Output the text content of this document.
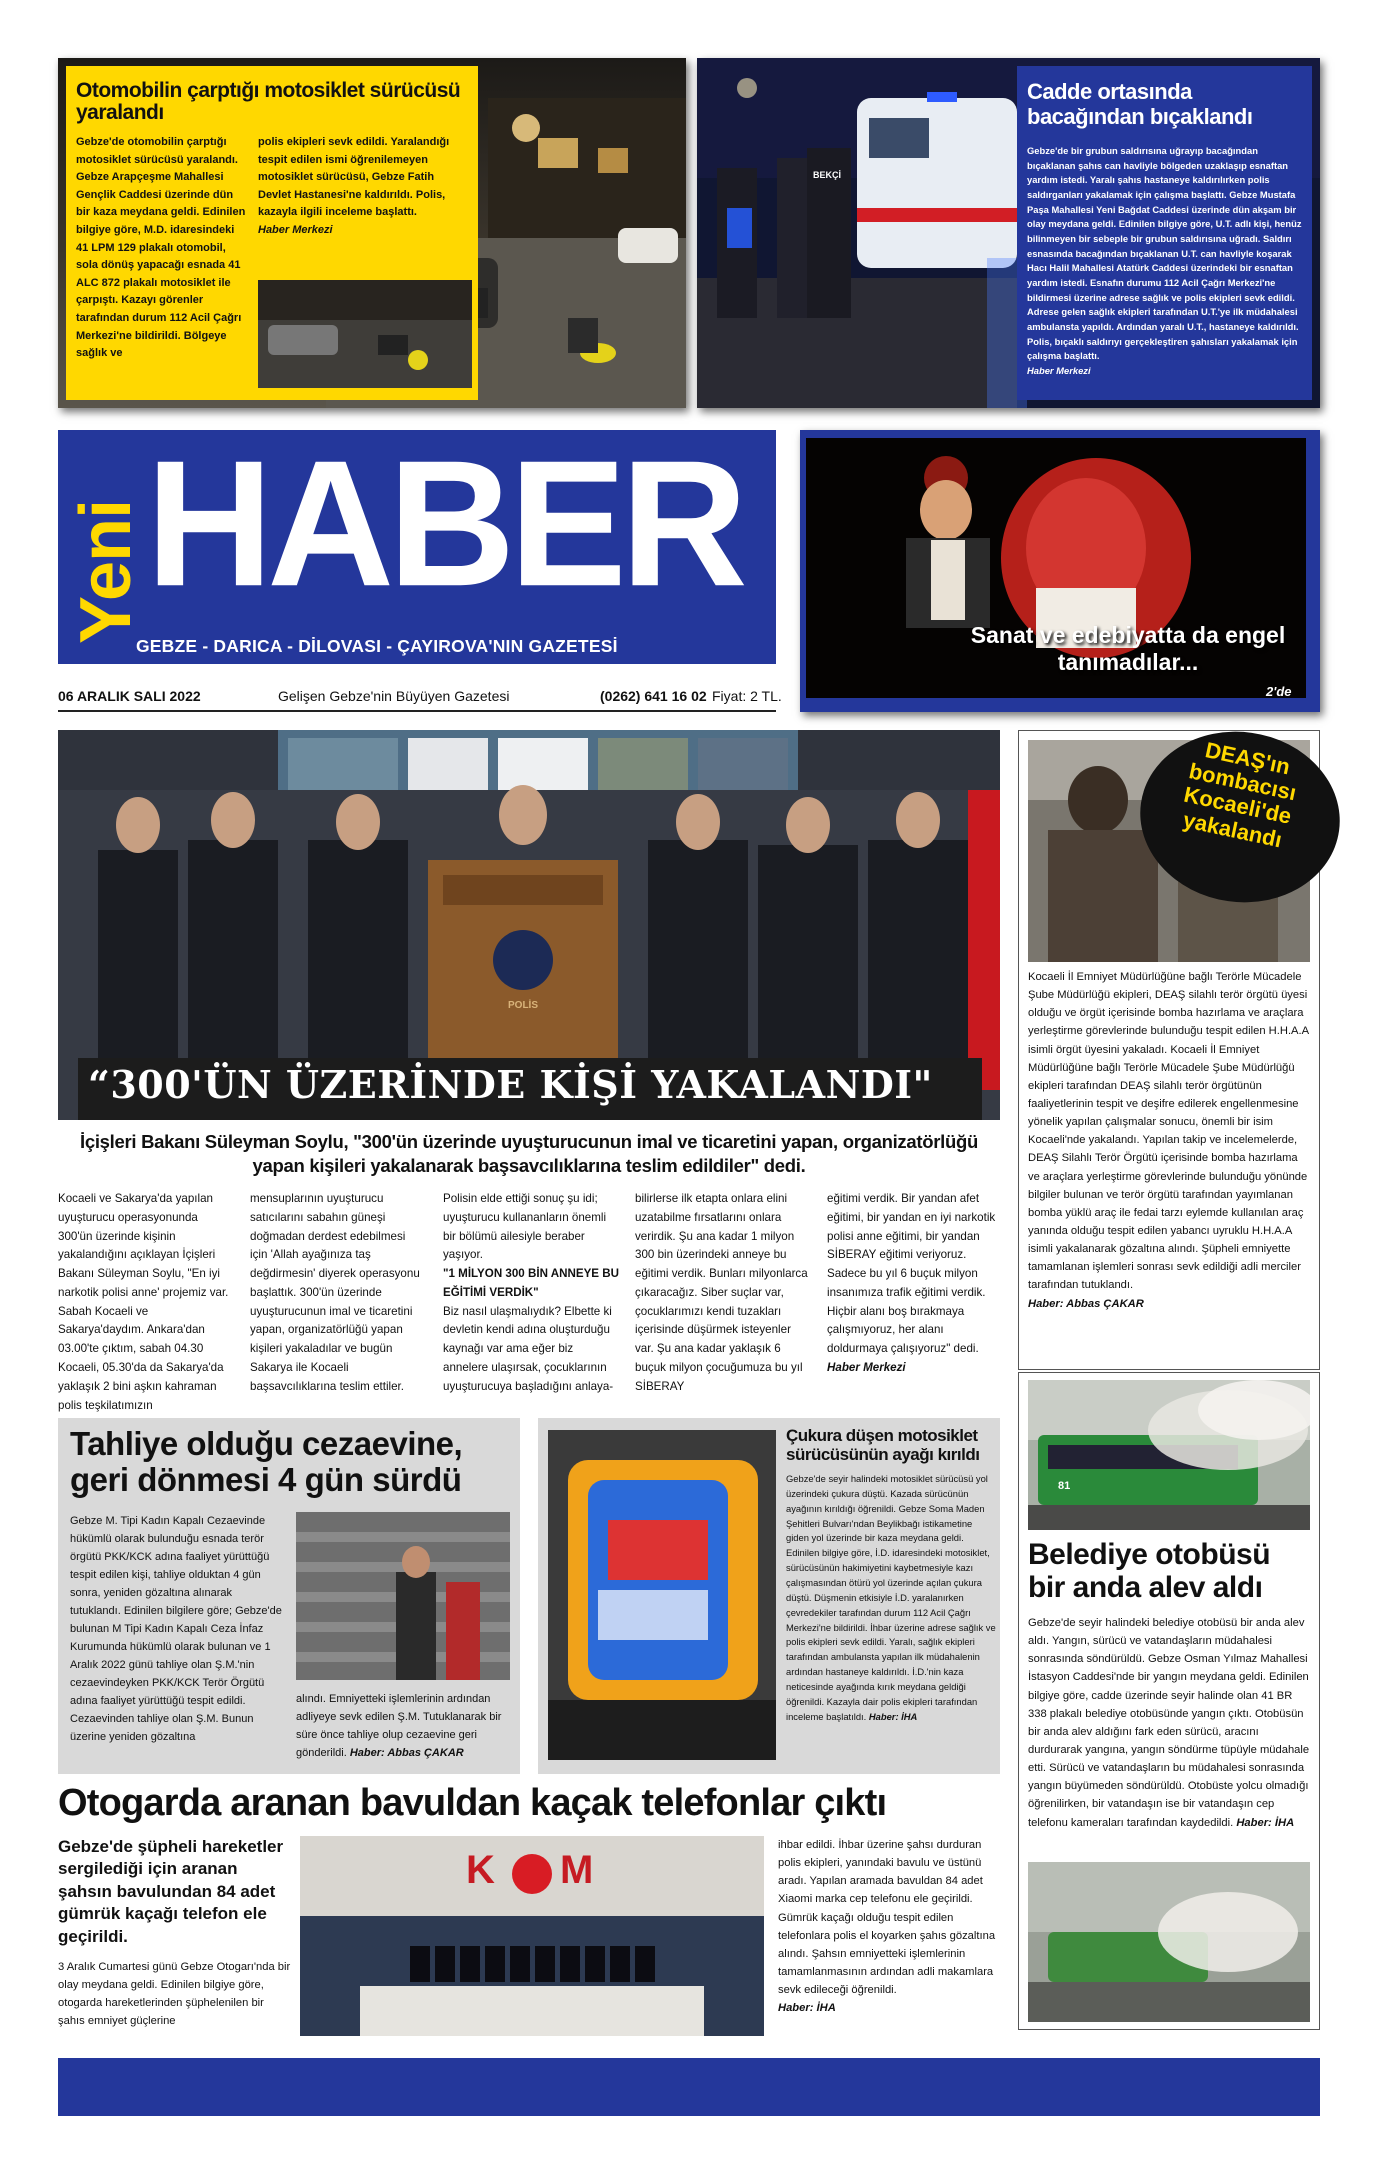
Otomobilin çarptığı motosiklet sürücüsü yaralandı
Gebze'de otomobilin çarptığı motosiklet sürücüsü yaralandı. Gebze Arapçeşme Mahallesi Gençlik Caddesi üzerinde dün bir kaza meydana geldi. Edinilen bilgiye göre, M.D. idaresindeki 41 LPM 129 plakalı otomobil, sola dönüş yapacağı esnada 41 ALC 872 plakalı motosiklet ile çarpıştı. Kazayı görenler tarafından durum 112 Acil Çağrı Merkezi'ne bildirildi. Bölgeye sağlık ve
polis ekipleri sevk edildi. Yaralandığı tespit edilen ismi öğrenilemeyen motosiklet sürücüsü, Gebze Fatih Devlet Hastanesi'ne kaldırıldı. Polis, kazayla ilgili inceleme başlattı.
Haber Merkezi
BEKÇİ
Cadde ortasında bacağından bıçaklandı
Gebze'de bir grubun saldırısına uğrayıp bacağından bıçaklanan şahıs can havliyle bölgeden uzaklaşıp esnaftan yardım istedi. Yaralı şahıs hastaneye kaldırılırken polis saldırganları yakalamak için çalışma başlattı. Gebze Mustafa Paşa Mahallesi Yeni Bağdat Caddesi üzerinde dün akşam bir olay meydana geldi. Edinilen bilgiye göre, U.T. adlı kişi, henüz bilinmeyen bir sebeple bir grubun saldırısına uğradı. Saldırı esnasında bacağından bıçaklanan U.T. can havliyle koşarak Hacı Halil Mahallesi Atatürk Caddesi üzerindeki bir esnaftan yardım istedi. Esnafın durumu 112 Acil Çağrı Merkezi'ne bildirmesi üzerine adrese sağlık ve polis ekipleri sevk edildi. Adrese gelen sağlık ekipleri tarafından U.T.'ye ilk müdahalesi ambulansta yapıldı. Ardından yaralı U.T., hastaneye kaldırıldı. Polis, bıçaklı saldırıyı gerçekleştiren şahısları yakalamak için çalışma başlattı.
Haber Merkezi
Yeni HABER
GEBZE - DARICA - DİLOVASI - ÇAYIROVA'NIN GAZETESİ
06 ARALIK SALI 2022	Gelişen Gebze'nin Büyüyen Gazetesi	(0262) 641 16 02 Fiyat: 2 TL.
Sanat ve edebiyatta da engel tanımadılar...
2'de
POLİS
“300'ÜN ÜZERİNDE KİŞİ YAKALANDI"
İçişleri Bakanı Süleyman Soylu, "300'ün üzerinde uyuşturucunun imal ve ticaretini yapan, organizatörlüğü yapan kişileri yakalanarak başsavcılıklarına teslim edildiler" dedi.
Kocaeli ve Sakarya'da yapılan uyuşturucu operasyonunda 300'ün üzerinde kişinin yakalandığını açıklayan İçişleri Bakanı Süleyman Soylu, "En iyi narkotik polisi anne' projemiz var. Sabah Kocaeli ve Sakarya'daydım. Ankara'dan 03.00'te çıktım, sabah 04.30 Kocaeli, 05.30'da da Sakarya'da yaklaşık 2 bini aşkın kahraman polis teşkilatımızın
mensuplarının uyuşturucu satıcılarını sabahın güneşi doğmadan derdest edebilmesi için 'Allah ayağınıza taş değdirmesin' diyerek operasyonu başlattık. 300'ün üzerinde uyuşturucunun imal ve ticaretini yapan, organizatörlüğü yapan kişileri yakaladılar ve bugün Sakarya ile Kocaeli başsavcılıklarına teslim ettiler.
Polisin elde ettiği sonuç şu idi; uyuşturucu kullananların önemli bir bölümü ailesiyle beraber yaşıyor.
"1 MİLYON 300 BİN ANNEYE BU EĞİTİMİ VERDİK"
Biz nasıl ulaşmalıydık? Elbette ki devletin kendi adına oluşturduğu kaynağı var ama eğer biz annelere ulaşırsak, çocuklarının uyuşturucuya başladığını anlaya-
bilirlerse ilk etapta onlara elini uzatabilme fırsatlarını onlara verirdik. Şu ana kadar 1 milyon 300 bin üzerindeki anneye bu eğitimi verdik. Bunları milyonlarca çıkaracağız. Siber suçlar var, çocuklarımızı kendi tuzakları içerisinde düşürmek isteyenler var. Şu ana kadar yaklaşık 6 buçuk milyon çocuğumuza bu yıl SİBERAY
eğitimi verdik. Bir yandan afet eğitimi, bir yandan en iyi narkotik polisi anne eğitimi, bir yandan SİBERAY eğitimi veriyoruz. Sadece bu yıl 6 buçuk milyon insanımıza trafik eğitimi verdik. Hiçbir alanı boş bırakmaya çalışmıyoruz, her alanı doldurmaya çalışıyoruz" dedi.
Haber Merkezi
DEAŞ'ın bombacısı Kocaeli'de yakalandı
Kocaeli İl Emniyet Müdürlüğüne bağlı Terörle Mücadele Şube Müdürlüğü ekipleri, DEAŞ silahlı terör örgütü üyesi olduğu ve örgüt içerisinde bomba hazırlama ve araçlara yerleştirme görevlerinde bulunduğu tespit edilen H.H.A.A isimli örgüt üyesini yakaladı. Kocaeli İl Emniyet Müdürlüğüne bağlı Terörle Mücadele Şube Müdürlüğü ekipleri tarafından DEAŞ silahlı terör örgütünün faaliyetlerinin tespit ve deşifre edilerek engellenmesine yönelik yapılan çalışmalar sonucu, önemli bir isim Kocaeli'nde yakalandı. Yapılan takip ve incelemelerde, DEAŞ Silahlı Terör Örgütü içerisinde bomba hazırlama ve araçlara yerleştirme görevlerinde bulunduğu yönünde bilgiler bulunan ve terör örgütü tarafından yayımlanan bomba yüklü araç ile fedai tarzı eylemde kullanılan araç yanında olduğu tespit edilen yabancı uyruklu H.H.A.A isimli yakalanarak gözaltına alındı. Şüpheli emniyette tamamlanan işlemleri sonrası sevk edildiği adli merciler tarafından tutuklandı.
Haber: Abbas ÇAKAR
81
Belediye otobüsü bir anda alev aldı
Gebze'de seyir halindeki belediye otobüsü bir anda alev aldı. Yangın, sürücü ve vatandaşların müdahalesi sonrasında söndürüldü. Gebze Osman Yılmaz Mahallesi İstasyon Caddesi'nde bir yangın meydana geldi. Edinilen bilgiye göre, cadde üzerinde seyir halinde olan 41 BR 338 plakalı belediye otobüsünde yangın çıktı. Otobüsün bir anda alev aldığını fark eden sürücü, aracını durdurarak yangına, yangın söndürme tüpüyle müdahale etti. Sürücü ve vatandaşların bu müdahalesi sonrasında yangın büyümeden söndürüldü. Otobüste yolcu olmadığı öğrenilirken, bir vatandaşın ise bir vatandaşın cep telefonu kameraları tarafından kaydedildi. Haber: İHA
Tahliye olduğu cezaevine, geri dönmesi 4 gün sürdü
Gebze M. Tipi Kadın Kapalı Cezaevinde hükümlü olarak bulunduğu esnada terör örgütü PKK/KCK adına faaliyet yürüttüğü tespit edilen kişi, tahliye olduktan 4 gün sonra, yeniden gözaltına alınarak tutuklandı. Edinilen bilgilere göre; Gebze'de bulunan M Tipi Kadın Kapalı Ceza İnfaz Kurumunda hükümlü olarak bulunan ve 1 Aralık 2022 günü tahliye olan Ş.M.'nin cezaevindeyken PKK/KCK Terör Örgütü adına faaliyet yürüttüğü tespit edildi. Cezaevinden tahliye olan Ş.M. Bunun üzerine yeniden gözaltına
alındı. Emniyetteki işlemlerinin ardından adliyeye sevk edilen Ş.M. Tutuklanarak bir süre önce tahliye olup cezaevine geri gönderildi. Haber: Abbas ÇAKAR
Çukura düşen motosiklet sürücüsünün ayağı kırıldı
Gebze'de seyir halindeki motosiklet sürücüsü yol üzerindeki çukura düştü. Kazada sürücünün ayağının kırıldığı öğrenildi. Gebze Soma Maden Şehitleri Bulvarı'ndan Beylikbağı istikametine giden yol üzerinde bir kaza meydana geldi. Edinilen bilgiye göre, İ.D. idaresindeki motosiklet, sürücüsünün hakimiyetini kaybetmesiyle kazı çalışmasından ötürü yol üzerinde açılan çukura düştü. Düşmenin etkisiyle İ.D. yaralanırken çevredekiler tarafından durum 112 Acil Çağrı Merkezi'ne bildirildi. İhbar üzerine adrese sağlık ve polis ekipleri sevk edildi. Yaralı, sağlık ekipleri tarafından ambulansta yapılan ilk müdahalenin ardından hastaneye kaldırıldı. İ.D.'nin kaza neticesinde ayağında kırık meydana geldiği öğrenildi. Kazayla dair polis ekipleri tarafından inceleme başlatıldı. Haber: İHA
Otogarda aranan bavuldan kaçak telefonlar çıktı
Gebze'de şüpheli hareketler sergilediği için aranan şahsın bavulundan 84 adet gümrük kaçağı telefon ele geçirildi.
3 Aralık Cumartesi günü Gebze Otogarı'nda bir olay meydana geldi. Edinilen bilgiye göre, otogarda hareketlerinden şüphelenilen bir şahıs emniyet güçlerine
K M
ihbar edildi. İhbar üzerine şahsı durduran polis ekipleri, yanındaki bavulu ve üstünü aradı. Yapılan aramada bavuldan 84 adet Xiaomi marka cep telefonu ele geçirildi. Gümrük kaçağı olduğu tespit edilen telefonlara polis el koyarken şahıs gözaltına alındı. Şahsın emniyetteki işlemlerinin tamamlanmasının ardından adli makamlara sevk edileceği öğrenildi.
Haber: İHA
